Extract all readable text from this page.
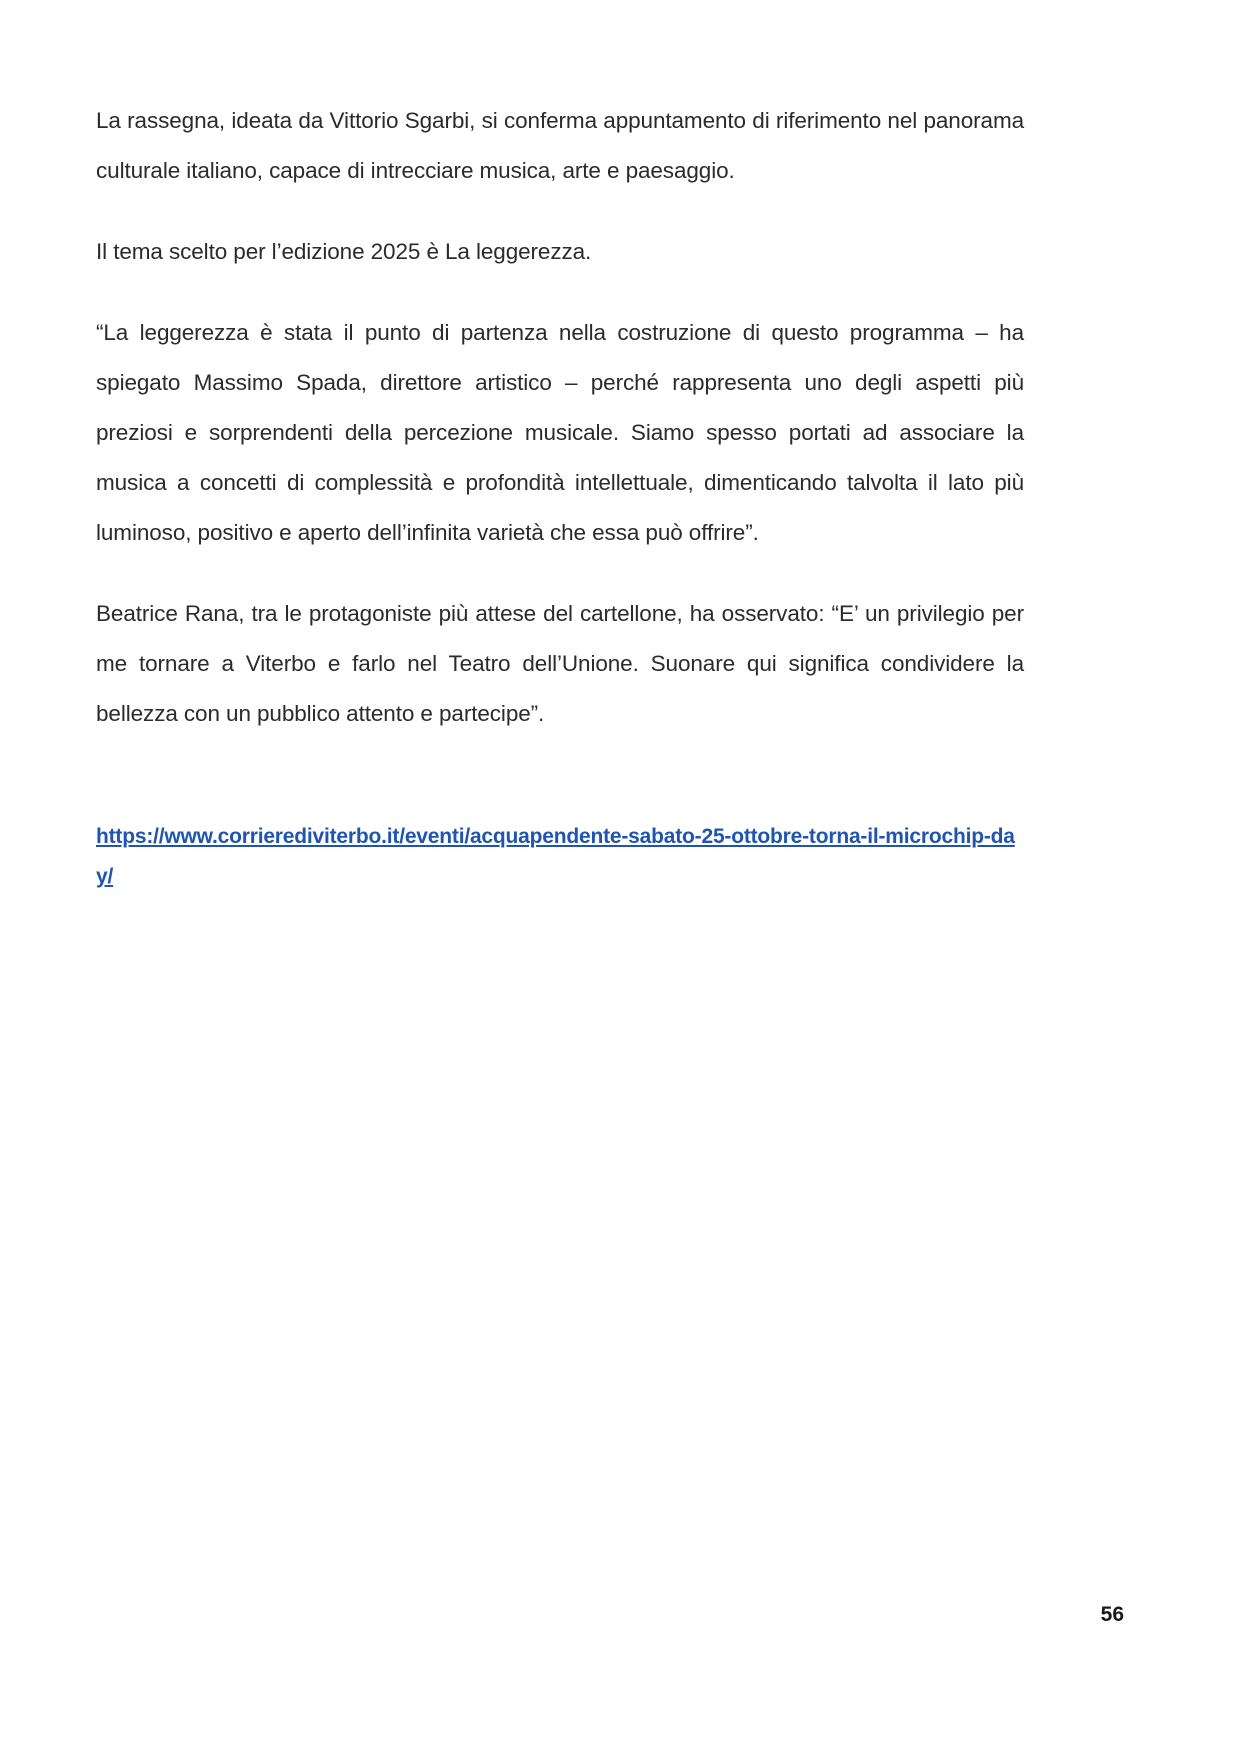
La rassegna, ideata da Vittorio Sgarbi, si conferma appuntamento di riferimento nel panorama culturale italiano, capace di intrecciare musica, arte e paesaggio.

Il tema scelto per l’edizione 2025 è La leggerezza.

“La leggerezza è stata il punto di partenza nella costruzione di questo programma – ha spiegato Massimo Spada, direttore artistico – perché rappresenta uno degli aspetti più preziosi e sorprendenti della percezione musicale. Siamo spesso portati ad associare la musica a concetti di complessità e profondità intellettuale, dimenticando talvolta il lato più luminoso, positivo e aperto dell’infinita varietà che essa può offrire”.

Beatrice Rana, tra le protagoniste più attese del cartellone, ha osservato: “E’ un privilegio per me tornare a Viterbo e farlo nel Teatro dell’Unione. Suonare qui significa condividere la bellezza con un pubblico attento e partecipe”.

https://www.corrierediviterbo.it/eventi/acquapendente-sabato-25-ottobre-torna-il-microchip-day/
56
